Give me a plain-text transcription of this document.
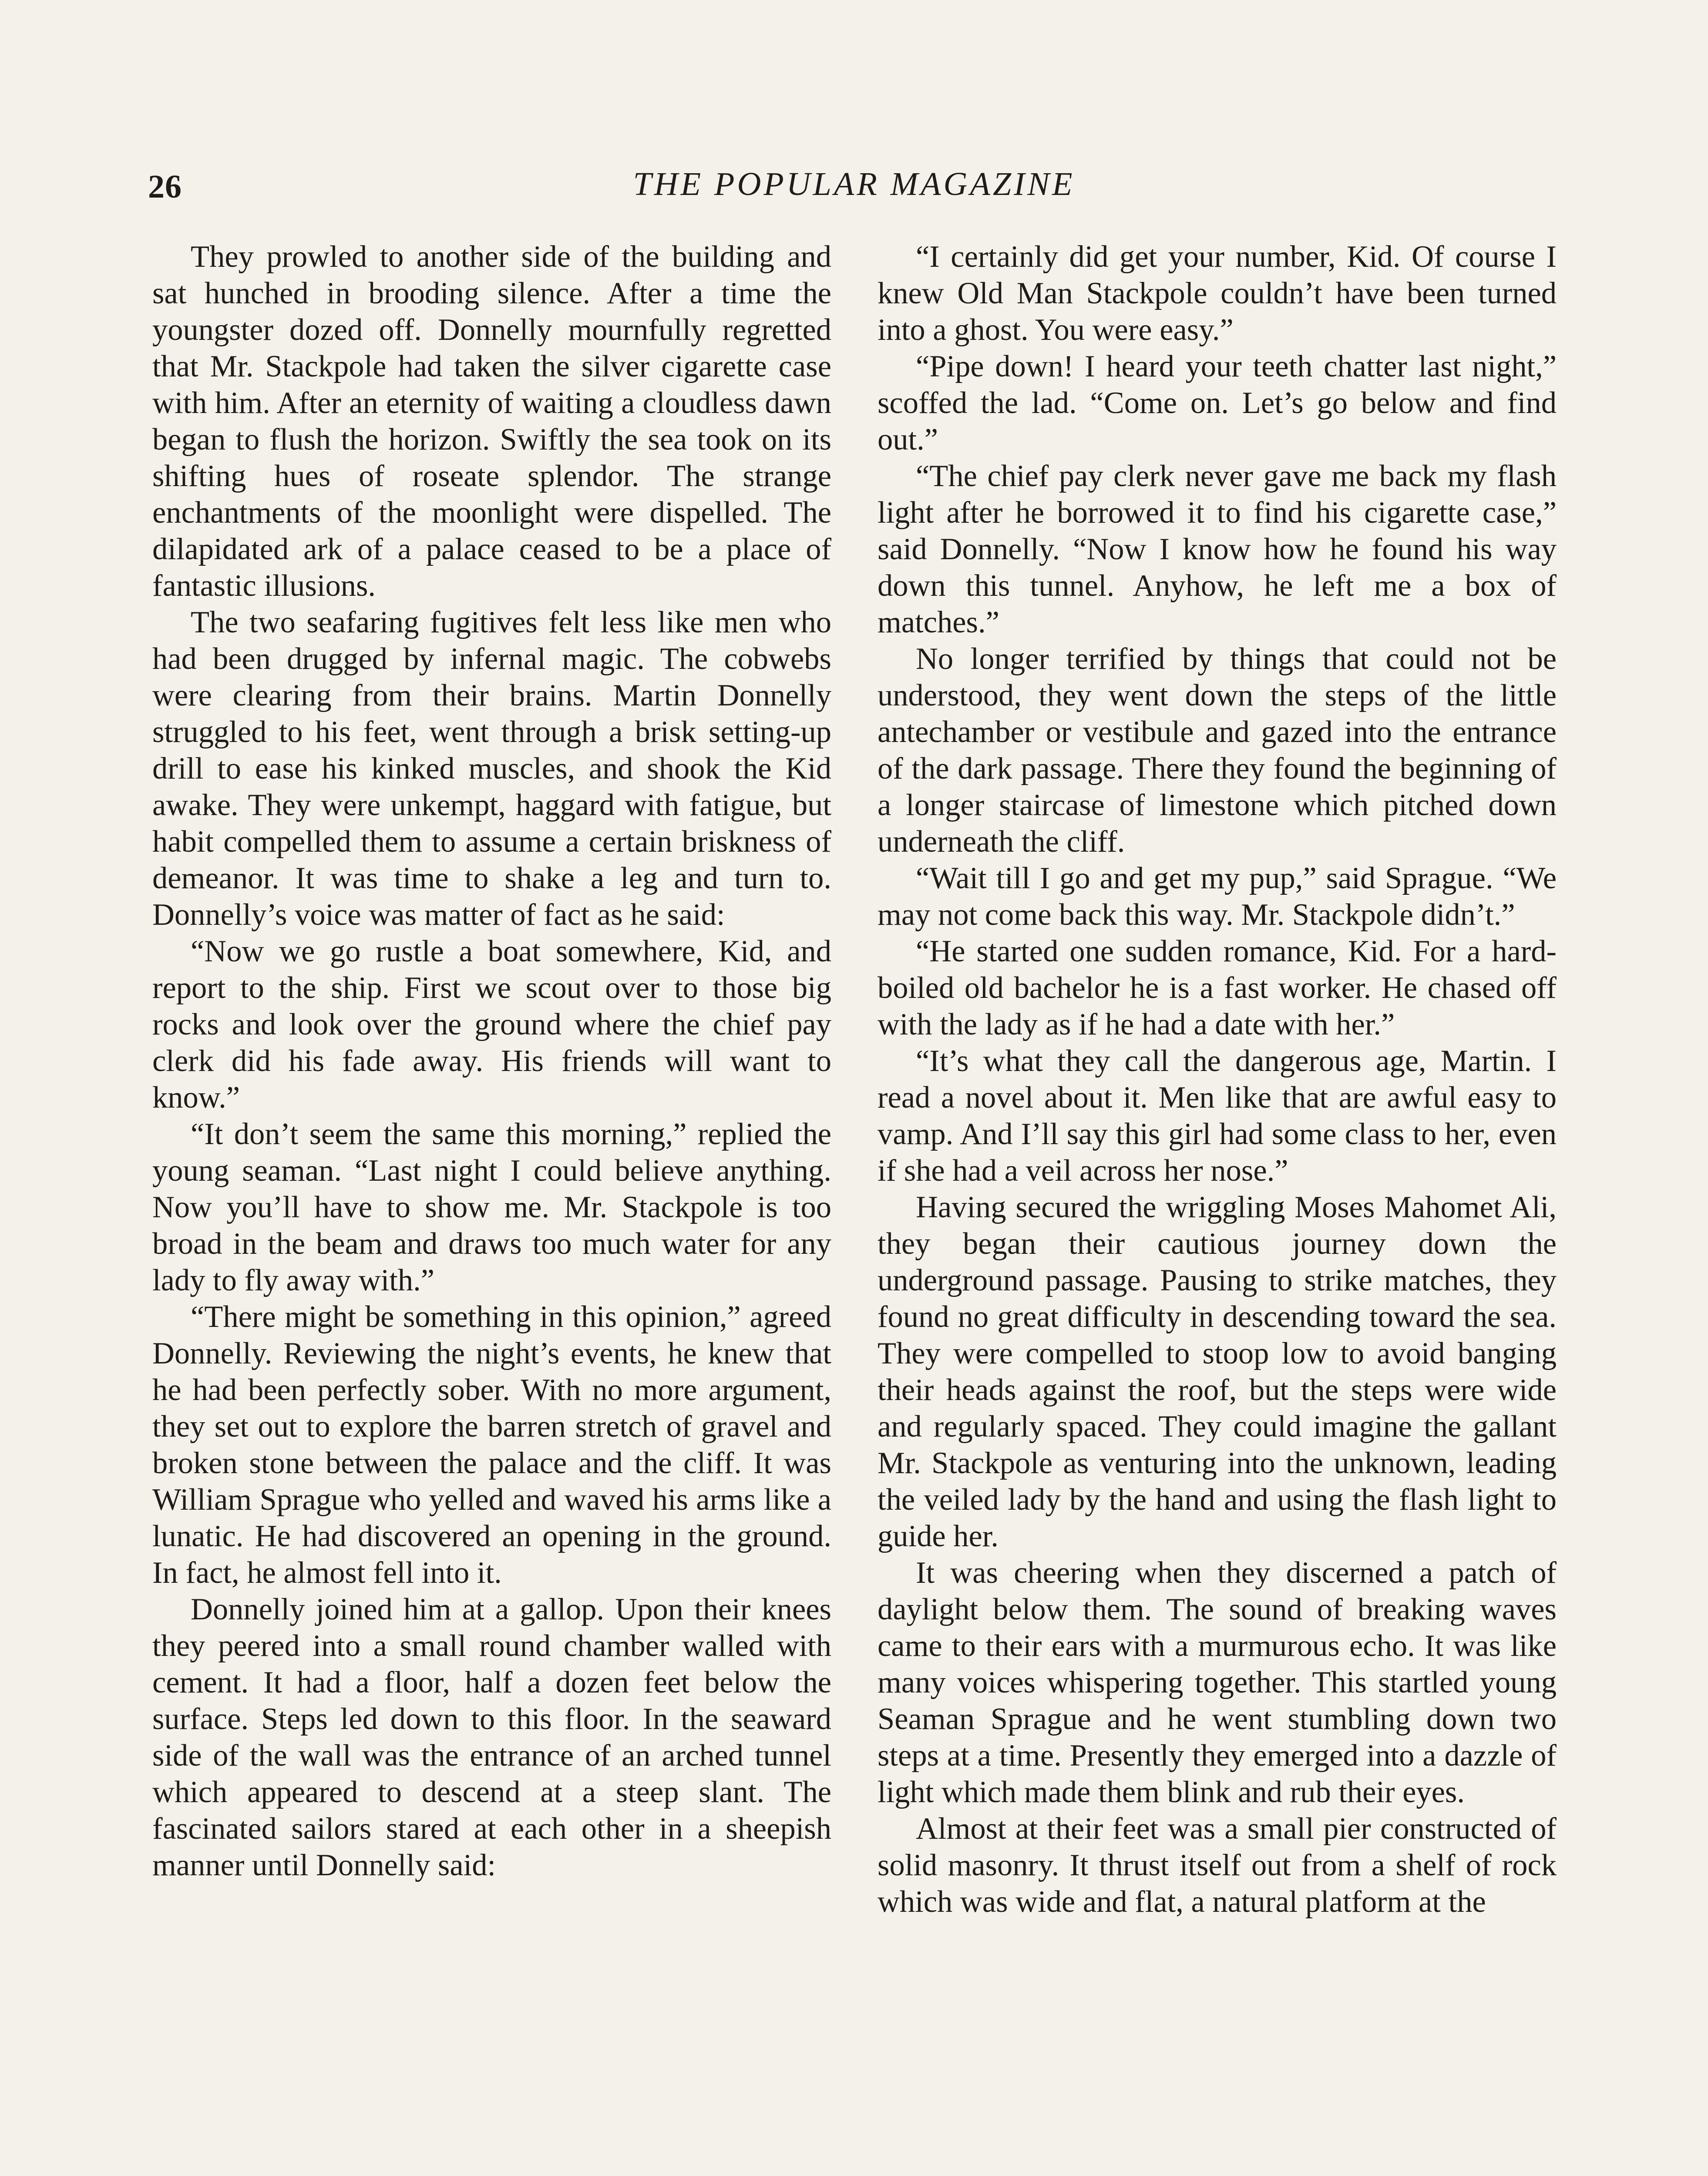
26	THE POPULAR MAGAZINE

They prowled to another side of the building and sat hunched in brooding silence. After a time the youngster dozed off. Donnelly mournfully regretted that Mr. Stackpole had taken the silver cigarette case with him. After an eternity of waiting a cloudless dawn began to flush the horizon. Swiftly the sea took on its shifting hues of roseate splendor. The strange enchantments of the moonlight were dispelled. The dilapidated ark of a palace ceased to be a place of fantastic illusions.

The two seafaring fugitives felt less like men who had been drugged by infernal magic. The cobwebs were clearing from their brains. Martin Donnelly struggled to his feet, went through a brisk setting-up drill to ease his kinked muscles, and shook the Kid awake. They were unkempt, haggard with fatigue, but habit compelled them to assume a certain briskness of demeanor. It was time to shake a leg and turn to. Donnelly’s voice was matter of fact as he said:

“Now we go rustle a boat somewhere, Kid, and report to the ship. First we scout over to those big rocks and look over the ground where the chief pay clerk did his fade away. His friends will want to know.”

“It don’t seem the same this morning,” replied the young seaman. “Last night I could believe anything. Now you’ll have to show me. Mr. Stackpole is too broad in the beam and draws too much water for any lady to fly away with.”

“There might be something in this opinion,” agreed Donnelly. Reviewing the night’s events, he knew that he had been perfectly sober. With no more argument, they set out to explore the barren stretch of gravel and broken stone between the palace and the cliff. It was William Sprague who yelled and waved his arms like a lunatic. He had discovered an opening in the ground. In fact, he almost fell into it.

Donnelly joined him at a gallop. Upon their knees they peered into a small round chamber walled with cement. It had a floor, half a dozen feet below the surface. Steps led down to this floor. In the seaward side of the wall was the entrance of an arched tunnel which appeared to descend at a steep slant. The fascinated sailors stared at each other in a sheepish manner until Donnelly said:

“I certainly did get your number, Kid. Of course I knew Old Man Stackpole couldn’t have been turned into a ghost. You were easy.”

“Pipe down! I heard your teeth chatter last night,” scoffed the lad. “Come on. Let’s go below and find out.”

“The chief pay clerk never gave me back my flash light after he borrowed it to find his cigarette case,” said Donnelly. “Now I know how he found his way down this tunnel. Anyhow, he left me a box of matches.”

No longer terrified by things that could not be understood, they went down the steps of the little antechamber or vestibule and gazed into the entrance of the dark passage. There they found the beginning of a longer staircase of limestone which pitched down underneath the cliff.

“Wait till I go and get my pup,” said Sprague. “We may not come back this way. Mr. Stackpole didn’t.”

“He started one sudden romance, Kid. For a hard-boiled old bachelor he is a fast worker. He chased off with the lady as if he had a date with her.”

“It’s what they call the dangerous age, Martin. I read a novel about it. Men like that are awful easy to vamp. And I’ll say this girl had some class to her, even if she had a veil across her nose.”

Having secured the wriggling Moses Mahomet Ali, they began their cautious journey down the underground passage. Pausing to strike matches, they found no great difficulty in descending toward the sea. They were compelled to stoop low to avoid banging their heads against the roof, but the steps were wide and regularly spaced. They could imagine the gallant Mr. Stackpole as venturing into the unknown, leading the veiled lady by the hand and using the flash light to guide her.

It was cheering when they discerned a patch of daylight below them. The sound of breaking waves came to their ears with a murmurous echo. It was like many voices whispering together. This startled young Seaman Sprague and he went stumbling down two steps at a time. Presently they emerged into a dazzle of light which made them blink and rub their eyes.

Almost at their feet was a small pier constructed of solid masonry. It thrust itself out from a shelf of rock which was wide and flat, a natural platform at the
